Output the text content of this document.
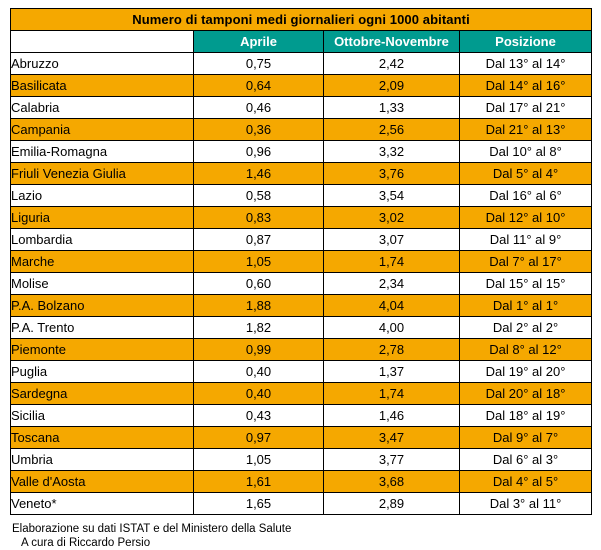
Numero di tamponi medi giornalieri ogni 1000 abitanti			
	Aprile	Ottobre-Novembre	Posizione
Abruzzo	0,75	2,42	Dal 13° al 14°
Basilicata	0,64	2,09	Dal 14° al 16°
Calabria	0,46	1,33	Dal 17° al 21°
Campania	0,36	2,56	Dal 21° al 13°
Emilia-Romagna	0,96	3,32	Dal 10° al 8°
Friuli Venezia Giulia	1,46	3,76	Dal 5° al 4°
Lazio	0,58	3,54	Dal 16° al 6°
Liguria	0,83	3,02	Dal 12° al 10°
Lombardia	0,87	3,07	Dal 11° al 9°
Marche	1,05	1,74	Dal 7° al 17°
Molise	0,60	2,34	Dal 15° al 15°
P.A. Bolzano	1,88	4,04	Dal 1° al 1°
P.A. Trento	1,82	4,00	Dal 2° al 2°
Piemonte	0,99	2,78	Dal 8° al 12°
Puglia	0,40	1,37	Dal 19° al 20°
Sardegna	0,40	1,74	Dal 20° al 18°
Sicilia	0,43	1,46	Dal 18° al 19°
Toscana	0,97	3,47	Dal 9° al 7°
Umbria	1,05	3,77	Dal 6° al 3°
Valle d'Aosta	1,61	3,68	Dal 4° al 5°
Veneto*	1,65	2,89	Dal 3° al 11°
Elaborazione su dati ISTAT e del Ministero della Salute
A cura di Riccardo Persio
